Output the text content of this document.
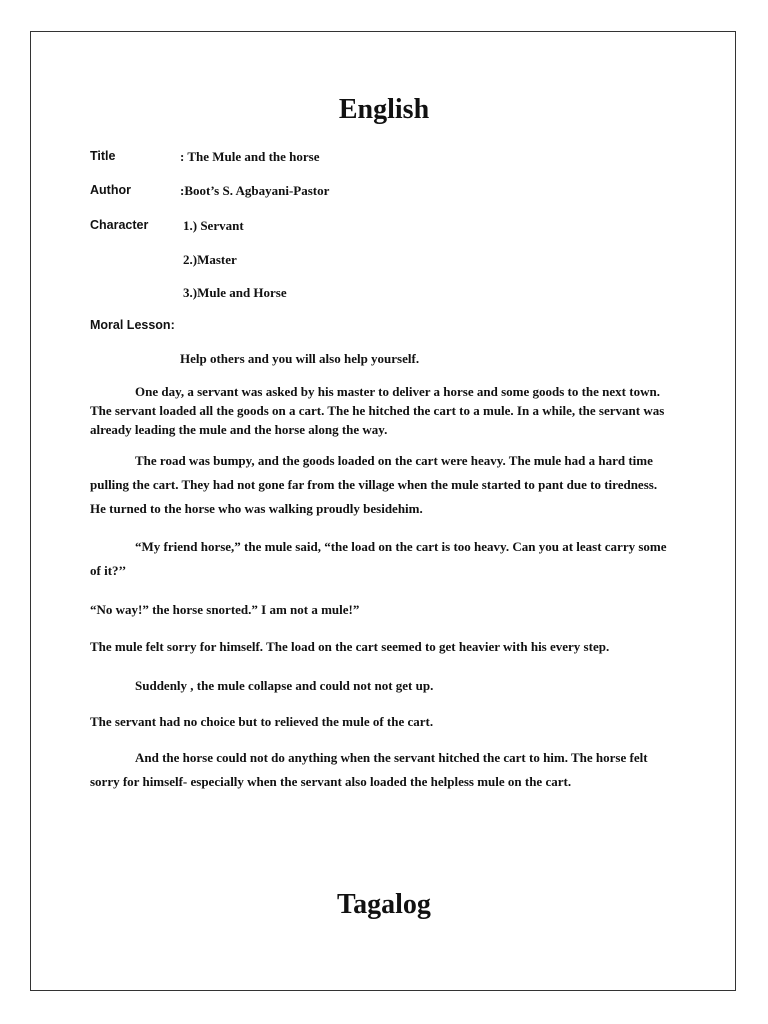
English
Title	: The Mule and the horse
Author	:Boot’s S. Agbayani-Pastor
Character	1.) Servant
2.)Master
3.)Mule and Horse
Moral Lesson:
Help others and you will also help yourself.

One day, a servant was asked by his master to deliver a horse and some goods to the next town. The servant loaded all the goods on a cart. The he hitched the cart to a mule. In a while, the servant was already leading the mule and the horse along the way.

The road was bumpy, and the goods loaded on the cart were heavy. The mule had a hard time pulling the cart. They had not gone far from the village when the mule started to pant due to tiredness. He turned to the horse who was walking proudly besidehim.

“My friend horse,” the mule said, “the load on the cart is too heavy. Can you at least carry some of it?’’

“No way!” the horse snorted.” I am not a mule!”

The mule felt sorry for himself. The load on the cart seemed to get heavier with his every step.

Suddenly , the mule collapse and could not not get up.

The servant had no choice but to relieved the mule of the cart.

And the horse could not do anything when the servant hitched the cart to him. The horse felt sorry for himself- especially when the servant also loaded the helpless mule on the cart.

Tagalog
